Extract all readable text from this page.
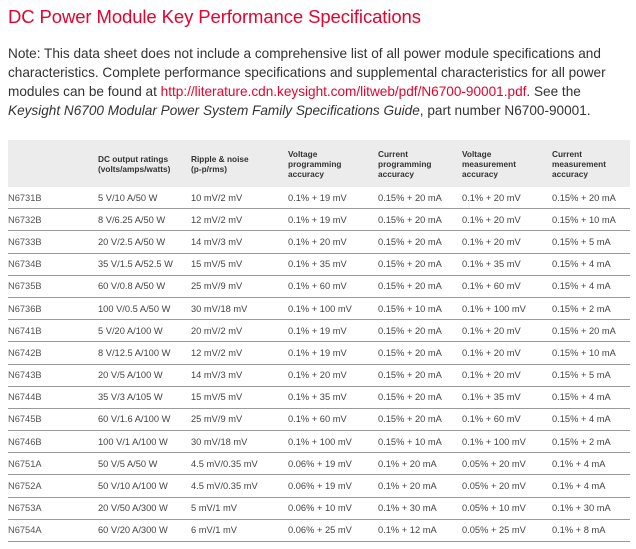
DC Power Module Key Performance Specifications
Note: This data sheet does not include a comprehensive list of all power module specifications and characteristics. Complete performance specifications and supplemental characteristics for all power modules can be found at http://literature.cdn.keysight.com/litweb/pdf/N6700-90001.pdf. See the Keysight N6700 Modular Power System Family Specifications Guide, part number N6700-90001.

	DC output ratings
(volts/amps/watts)	Ripple & noise
(p-p/rms)	Voltage
programming
accuracy	Current
programming
accuracy	Voltage
measurement
accuracy	Current
measurement
accuracy

N6731B	5 V/10 A/50 W	10 mV/2 mV	0.1% + 19 mV	0.15% + 20 mA	0.1% + 20 mV	0.15% + 20 mA
N6732B	8 V/6.25 A/50 W	12 mV/2 mV	0.1% + 19 mV	0.15% + 20 mA	0.1% + 20 mV	0.15% + 10 mA
N6733B	20 V/2.5 A/50 W	14 mV/3 mV	0.1% + 20 mV	0.15% + 20 mA	0.1% + 20 mV	0.15% + 5 mA
N6734B	35 V/1.5 A/52.5 W	15 mV/5 mV	0.1% + 35 mV	0.15% + 20 mA	0.1% + 35 mV	0.15% + 4 mA
N6735B	60 V/0.8 A/50 W	25 mV/9 mV	0.1% + 60 mV	0.15% + 20 mA	0.1% + 60 mV	0.15% + 4 mA
N6736B	100 V/0.5 A/50 W	30 mV/18 mV	0.1% + 100 mV	0.15% + 10 mA	0.1% + 100 mV	0.15% + 2 mA
N6741B	5 V/20 A/100 W	20 mV/2 mV	0.1% + 19 mV	0.15% + 20 mA	0.1% + 20 mV	0.15% + 20 mA
N6742B	8 V/12.5 A/100 W	12 mV/2 mV	0.1% + 19 mV	0.15% + 20 mA	0.1% + 20 mV	0.15% + 10 mA
N6743B	20 V/5 A/100 W	14 mV/3 mV	0.1% + 20 mV	0.15% + 20 mA	0.1% + 20 mV	0.15% + 5 mA
N6744B	35 V/3 A/105 W	15 mV/5 mV	0.1% + 35 mV	0.15% + 20 mA	0.1% + 35 mV	0.15% + 4 mA
N6745B	60 V/1.6 A/100 W	25 mV/9 mV	0.1% + 60 mV	0.15% + 20 mA	0.1% + 60 mV	0.15% + 4 mA
N6746B	100 V/1 A/100 W	30 mV/18 mV	0.1% + 100 mV	0.15% + 10 mA	0.1% + 100 mV	0.15% + 2 mA
N6751A	50 V/5 A/50 W	4.5 mV/0.35 mV	0.06% + 19 mV	0.1% + 20 mA	0.05% + 20 mV	0.1% + 4 mA
N6752A	50 V/10 A/100 W	4.5 mV/0.35 mV	0.06% + 19 mV	0.1% + 20 mA	0.05% + 20 mV	0.1% + 4 mA
N6753A	20 V/50 A/300 W	5 mV/1 mV	0.06% + 10 mV	0.1% + 30 mA	0.05% + 10 mV	0.1% + 30 mA
N6754A	60 V/20 A/300 W	6 mV/1 mV	0.06% + 25 mV	0.1% + 12 mA	0.05% + 25 mV	0.1% + 8 mA
